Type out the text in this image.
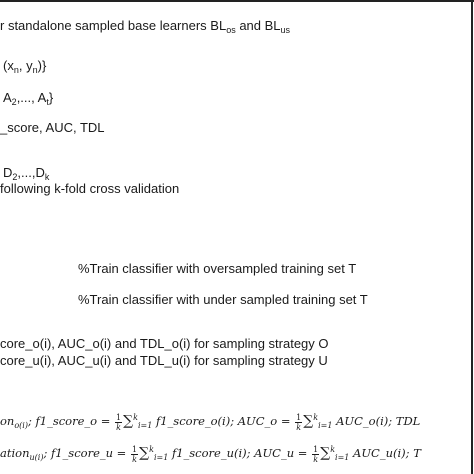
r standalone sampled base learners $BL_{os}$ and $BL_{us}$
($x_n$, $y_n$)}
$A_2$,..., $A_t$}
_score, AUC, TDL
$D_2,...,D_k$
following k-fold cross validation
%Train classifier with oversampled training set T
%Train classifier with under sampled training set T
core_o(i), AUC_o(i) and TDL_o(i) for sampling strategy O
core_u(i), AUC_u(i) and TDL_u(i) for sampling strategy U
$on_{o(i)}$; f1_score_o = $\frac{1}{k} \sum^k_{i=1}$ f1_score_o(i); AUC_o = $\frac{1}{k} \sum^k_{i=1}$ AUC_o(i); TDL
ation$_{u(i)}$; f1_score_u = $\frac{1}{k} \sum^k_{i=1}$ f1_score_u(i); AUC_u = $\frac{1}{k} \sum^k_{i=1}$ AUC_u(i); T
